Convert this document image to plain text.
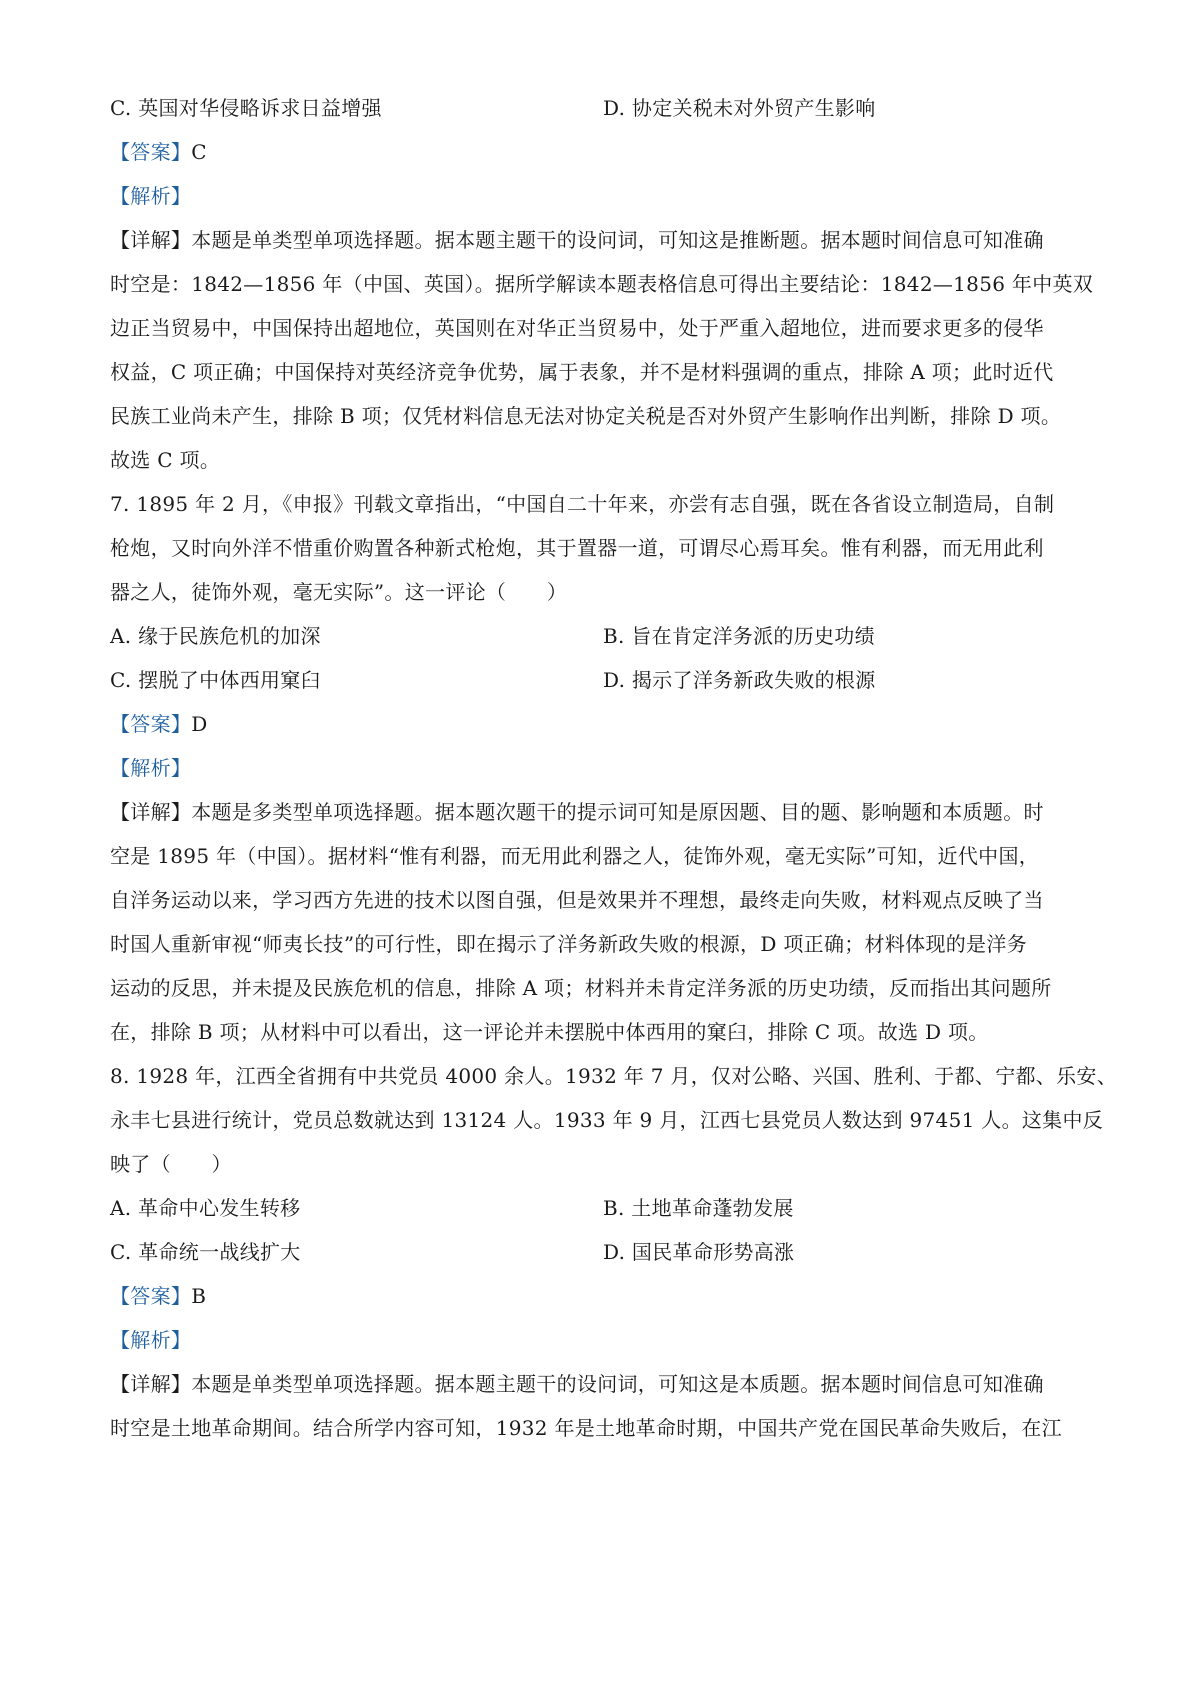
C. 英国对华侵略诉求日益增强	D. 协定关税未对外贸产生影响
【答案】C
【解析】
【详解】本题是单类型单项选择题。据本题主题干的设问词，可知这是推断题。据本题时间信息可知准确
时空是：1842—1856 年（中国、英国）。据所学解读本题表格信息可得出主要结论：1842—1856 年中英双
边正当贸易中，中国保持出超地位，英国则在对华正当贸易中，处于严重入超地位，进而要求更多的侵华
权益，C 项正确；中国保持对英经济竞争优势，属于表象，并不是材料强调的重点，排除 A 项；此时近代
民族工业尚未产生，排除 B 项；仅凭材料信息无法对协定关税是否对外贸产生影响作出判断，排除 D 项。
故选 C 项。
7. 1895 年 2 月，《申报》刊载文章指出，“中国自二十年来，亦尝有志自强，既在各省设立制造局，自制
枪炮，又时向外洋不惜重价购置各种新式枪炮，其于置器一道，可谓尽心焉耳矣。惟有利器，而无用此利
器之人，徒饰外观，毫无实际”。这一评论（　　）
A. 缘于民族危机的加深	B. 旨在肯定洋务派的历史功绩
C. 摆脱了中体西用窠臼	D. 揭示了洋务新政失败的根源
【答案】D
【解析】
【详解】本题是多类型单项选择题。据本题次题干的提示词可知是原因题、目的题、影响题和本质题。时
空是 1895 年（中国）。据材料“惟有利器，而无用此利器之人，徒饰外观，毫无实际”可知，近代中国，
自洋务运动以来，学习西方先进的技术以图自强，但是效果并不理想，最终走向失败，材料观点反映了当
时国人重新审视“师夷长技”的可行性，即在揭示了洋务新政失败的根源，D 项正确；材料体现的是洋务
运动的反思，并未提及民族危机的信息，排除 A 项；材料并未肯定洋务派的历史功绩，反而指出其问题所
在，排除 B 项；从材料中可以看出，这一评论并未摆脱中体西用的窠臼，排除 C 项。故选 D 项。
8. 1928 年，江西全省拥有中共党员 4000 余人。1932 年 7 月，仅对公略、兴国、胜利、于都、宁都、乐安、
永丰七县进行统计，党员总数就达到 13124 人。1933 年 9 月，江西七县党员人数达到 97451 人。这集中反
映了（　　）
A. 革命中心发生转移	B. 土地革命蓬勃发展
C. 革命统一战线扩大	D. 国民革命形势高涨
【答案】B
【解析】
【详解】本题是单类型单项选择题。据本题主题干的设问词，可知这是本质题。据本题时间信息可知准确
时空是土地革命期间。结合所学内容可知，1932 年是土地革命时期，中国共产党在国民革命失败后，在江
